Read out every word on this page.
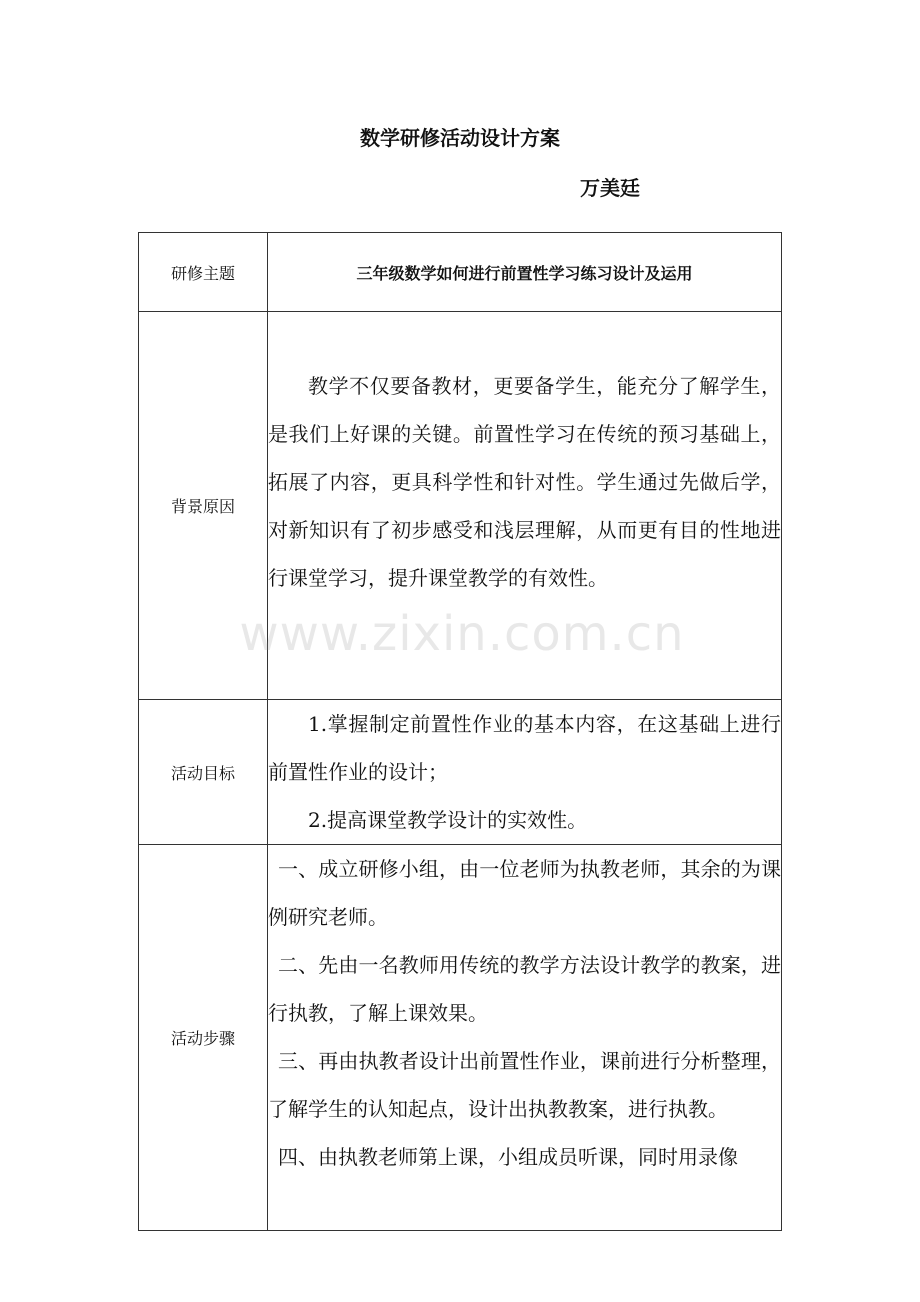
数学研修活动设计方案
万美廷
研修主题	三年级数学如何进行前置性学习练习设计及运用

背景原因	教学不仅要备教材，更要备学生，能充分了解学生，是我们上好课的关键。前置性学习在传统的预习基础上，拓展了内容，更具科学性和针对性。学生通过先做后学，对新知识有了初步感受和浅层理解，从而更有目的性地进行课堂学习，提升课堂教学的有效性。

活动目标	1.掌握制定前置性作业的基本内容，在这基础上进行前置性作业的设计；
2.提高课堂教学设计的实效性。

活动步骤	一、成立研修小组，由一位老师为执教老师，其余的为课例研究老师。
二、先由一名教师用传统的教学方法设计教学的教案，进行执教，了解上课效果。
三、再由执教者设计出前置性作业，课前进行分析整理，了解学生的认知起点，设计出执教教案，进行执教。
四、由执教老师第上课，小组成员听课，同时用录像
www.zixin.com.cn
